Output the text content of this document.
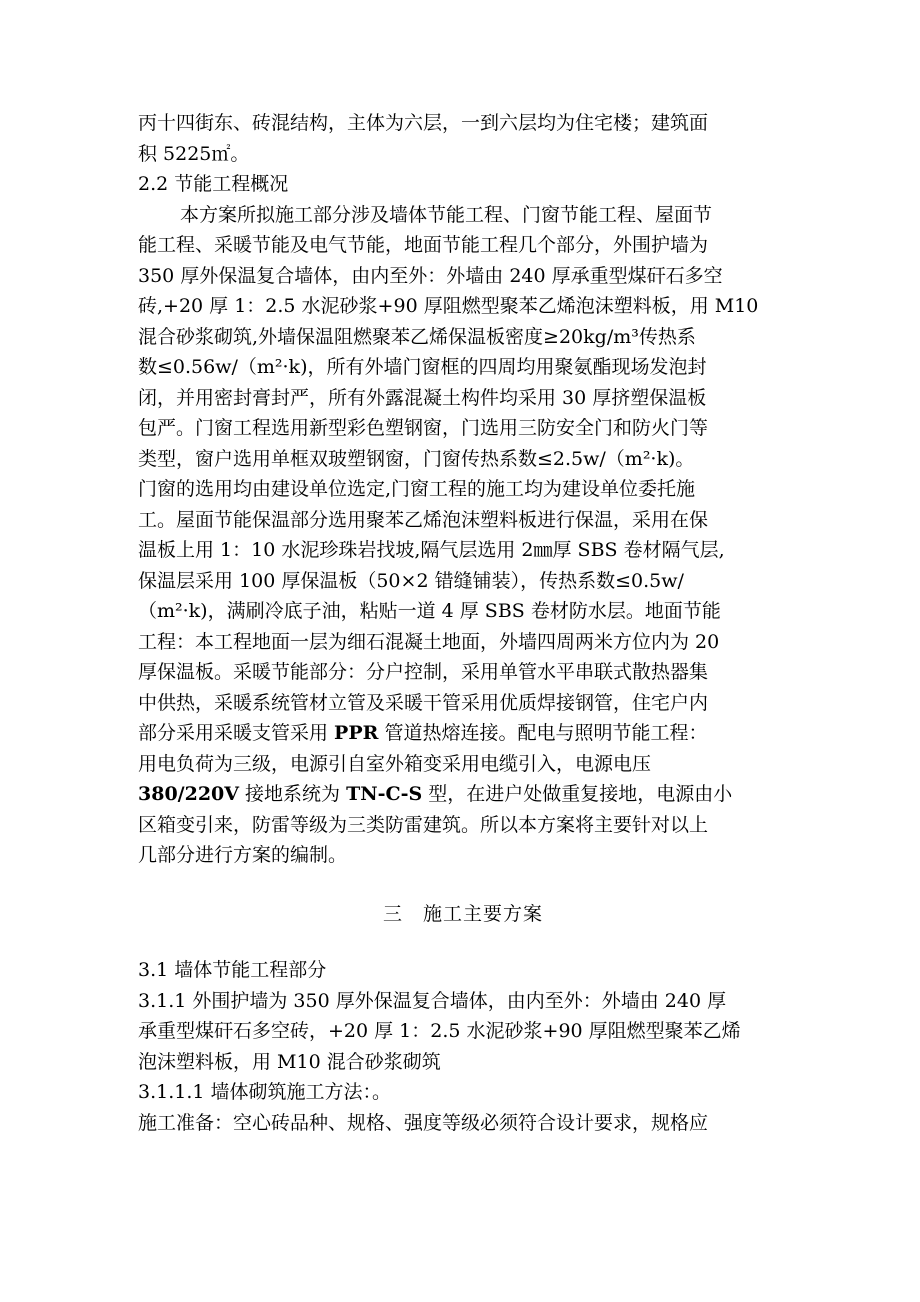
丙十四街东、砖混结构，主体为六层，一到六层均为住宅楼；建筑面
积 5225㎡。
2.2 节能工程概况
本方案所拟施工部分涉及墙体节能工程、门窗节能工程、屋面节
能工程、采暖节能及电气节能，地面节能工程几个部分，外围护墙为
350 厚外保温复合墙体，由内至外：外墙由 240 厚承重型煤矸石多空
砖,+20 厚 1：2.5 水泥砂浆+90 厚阻燃型聚苯乙烯泡沫塑料板，用 M10
混合砂浆砌筑,外墙保温阻燃聚苯乙烯保温板密度≥20kg/m³传热系
数≤0.56w/（m²·k)，所有外墙门窗框的四周均用聚氨酯现场发泡封
闭，并用密封膏封严，所有外露混凝土构件均采用 30 厚挤塑保温板
包严。门窗工程选用新型彩色塑钢窗，门选用三防安全门和防火门等
类型，窗户选用单框双玻塑钢窗，门窗传热系数≤2.5w/（m²·k)。
门窗的选用均由建设单位选定,门窗工程的施工均为建设单位委托施
工。屋面节能保温部分选用聚苯乙烯泡沫塑料板进行保温，采用在保
温板上用 1：10 水泥珍珠岩找坡,隔气层选用 2㎜厚 SBS 卷材隔气层,
保温层采用 100 厚保温板（50×2 错缝铺装），传热系数≤0.5w/
（m²·k)，满刷冷底子油，粘贴一道 4 厚 SBS 卷材防水层。地面节能
工程：本工程地面一层为细石混凝土地面，外墙四周两米方位内为 20
厚保温板。采暖节能部分：分户控制，采用单管水平串联式散热器集
中供热，采暖系统管材立管及采暖干管采用优质焊接钢管，住宅户内
部分采用采暖支管采用 PPR 管道热熔连接。配电与照明节能工程：
用电负荷为三级，电源引自室外箱变采用电缆引入，电源电压
380/220V 接地系统为 TN-C-S 型，在进户处做重复接地，电源由小
区箱变引来，防雷等级为三类防雷建筑。所以本方案将主要针对以上
几部分进行方案的编制。
三　施工主要方案
3.1 墙体节能工程部分
3.1.1 外围护墙为 350 厚外保温复合墙体，由内至外：外墙由 240 厚
承重型煤矸石多空砖，+20 厚 1：2.5 水泥砂浆+90 厚阻燃型聚苯乙烯
泡沫塑料板，用 M10 混合砂浆砌筑
3.1.1.1 墙体砌筑施工方法：。
施工准备：空心砖品种、规格、强度等级必须符合设计要求，规格应
